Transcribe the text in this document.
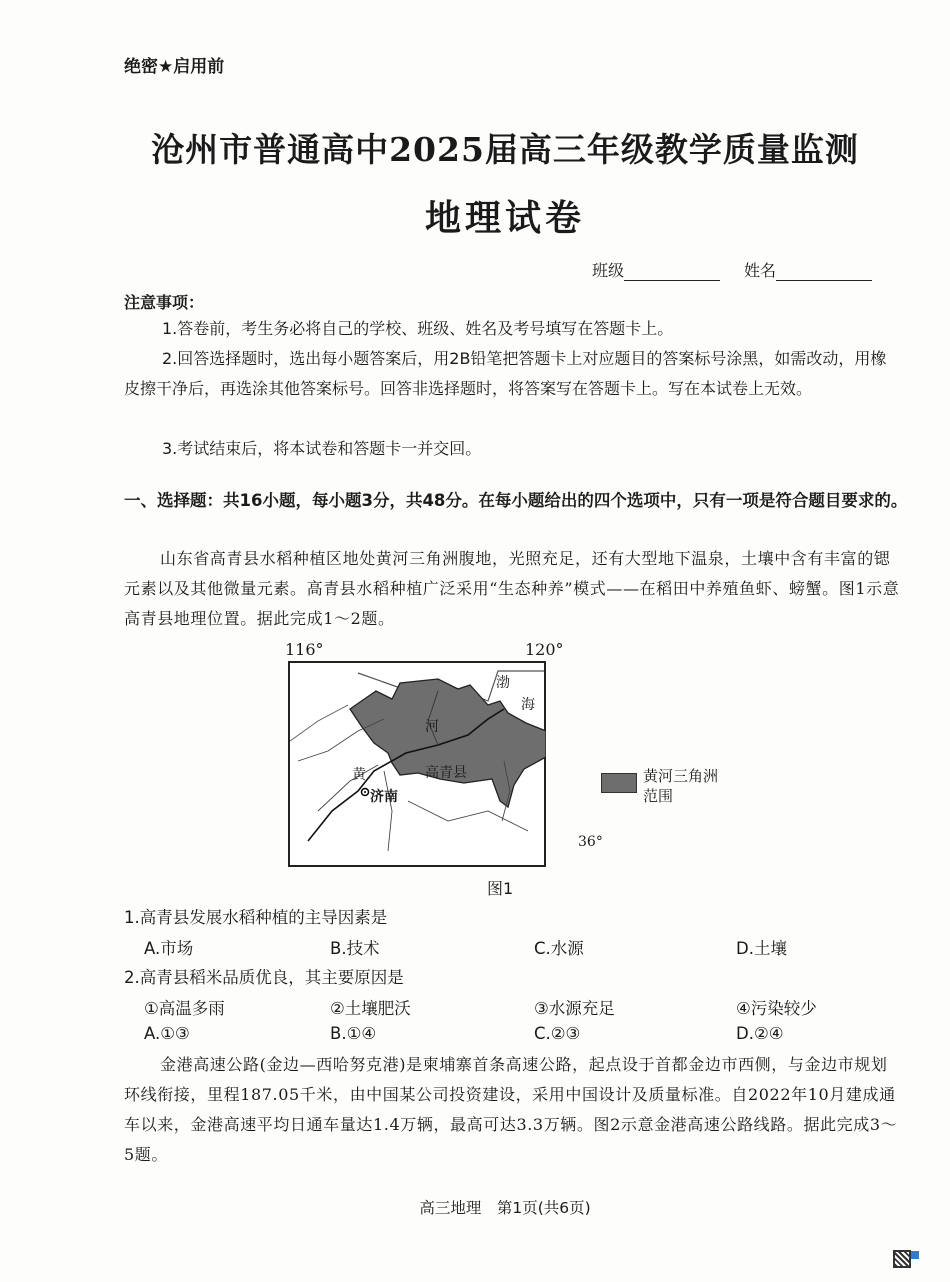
绝密★启用前
沧州市普通高中2025届高三年级教学质量监测
地理试卷
班级	姓名
注意事项：
1.答卷前，考生务必将自己的学校、班级、姓名及考号填写在答题卡上。
2.回答选择题时，选出每小题答案后，用2B铅笔把答题卡上对应题目的答案标号涂黑，如需改动，用橡皮擦干净后，再选涂其他答案标号。回答非选择题时，将答案写在答题卡上。写在本试卷上无效。
3.考试结束后，将本试卷和答题卡一并交回。
一、选择题：共16小题，每小题3分，共48分。在每小题给出的四个选项中，只有一项是符合题目要求的。
山东省高青县水稻种植区地处黄河三角洲腹地，光照充足，还有大型地下温泉，土壤中含有丰富的锶元素以及其他微量元素。高青县水稻种植广泛采用“生态种养”模式——在稻田中养殖鱼虾、螃蟹。图1示意高青县地理位置。据此完成1～2题。
116°	120°
36°
渤
海
河
黄	高青县
济南
黄河三角洲
范围
图1
1.高青县发展水稻种植的主导因素是
A.市场	B.技术	C.水源	D.土壤
2.高青县稻米品质优良，其主要原因是
①高温多雨	②土壤肥沃	③水源充足	④污染较少
A.①③	B.①④	C.②③	D.②④
金港高速公路(金边—西哈努克港)是柬埔寨首条高速公路，起点设于首都金边市西侧，与金边市规划环线衔接，里程187.05千米，由中国某公司投资建设，采用中国设计及质量标准。自2022年10月建成通车以来，金港高速平均日通车量达1.4万辆，最高可达3.3万辆。图2示意金港高速公路线路。据此完成3～5题。
高三地理　第1页(共6页)
